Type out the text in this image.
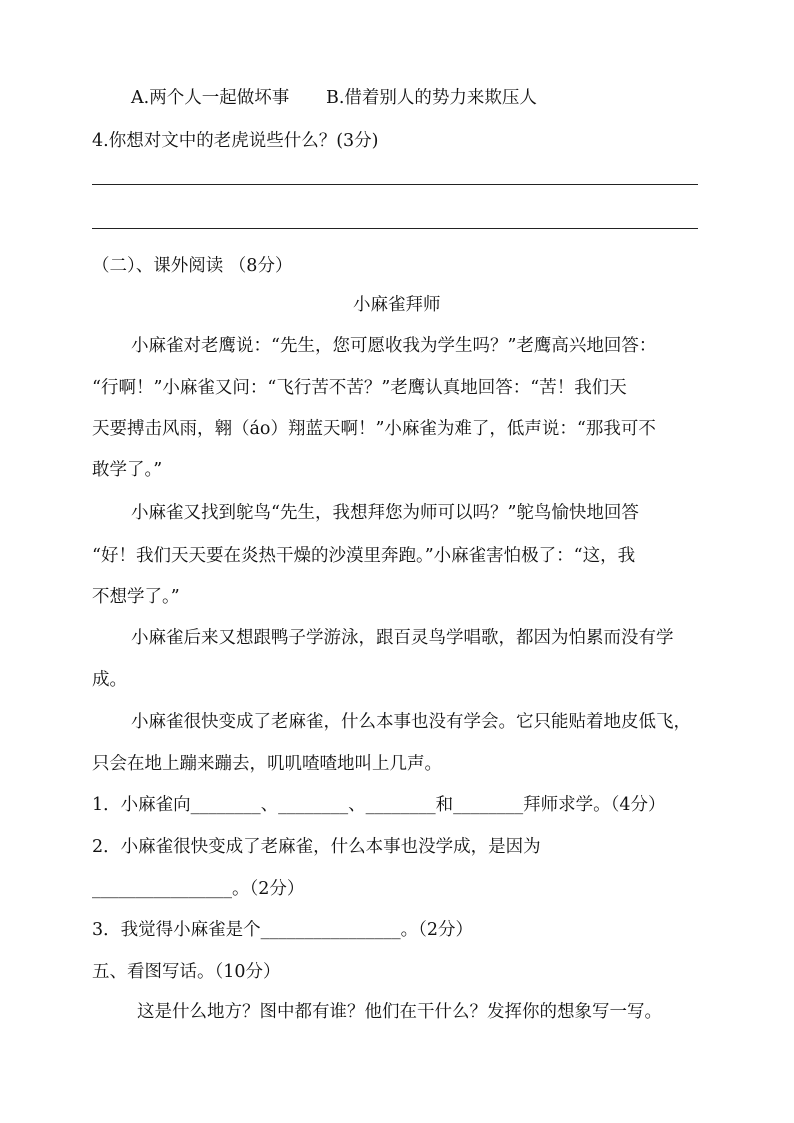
A.两个人一起做坏事 B.借着别人的势力来欺压人
4.你想对文中的老虎说些什么？(3分)
（二）、课外阅读 （8分）
小麻雀拜师
小麻雀对老鹰说：“先生，您可愿收我为学生吗？”老鹰高兴地回答：
“行啊！”小麻雀又问：“飞行苦不苦？”老鹰认真地回答：“苦！我们天
天要搏击风雨，翱（áo）翔蓝天啊！”小麻雀为难了，低声说：“那我可不
敢学了。”
小麻雀又找到鸵鸟“先生，我想拜您为师可以吗？”鸵鸟愉快地回答
“好！我们天天要在炎热干燥的沙漠里奔跑。”小麻雀害怕极了：“这，我
不想学了。”
小麻雀后来又想跟鸭子学游泳，跟百灵鸟学唱歌，都因为怕累而没有学
成。
小麻雀很快变成了老麻雀，什么本事也没有学会。它只能贴着地皮低飞，
只会在地上蹦来蹦去，叽叽喳喳地叫上几声。
1．小麻雀向________、________、________和________拜师求学。（4分）
2．小麻雀很快变成了老麻雀，什么本事也没学成，是因为
________________。（2分）
3．我觉得小麻雀是个________________。（2分）
五、看图写话。（10分）
这是什么地方？图中都有谁？他们在干什么？发挥你的想象写一写。
